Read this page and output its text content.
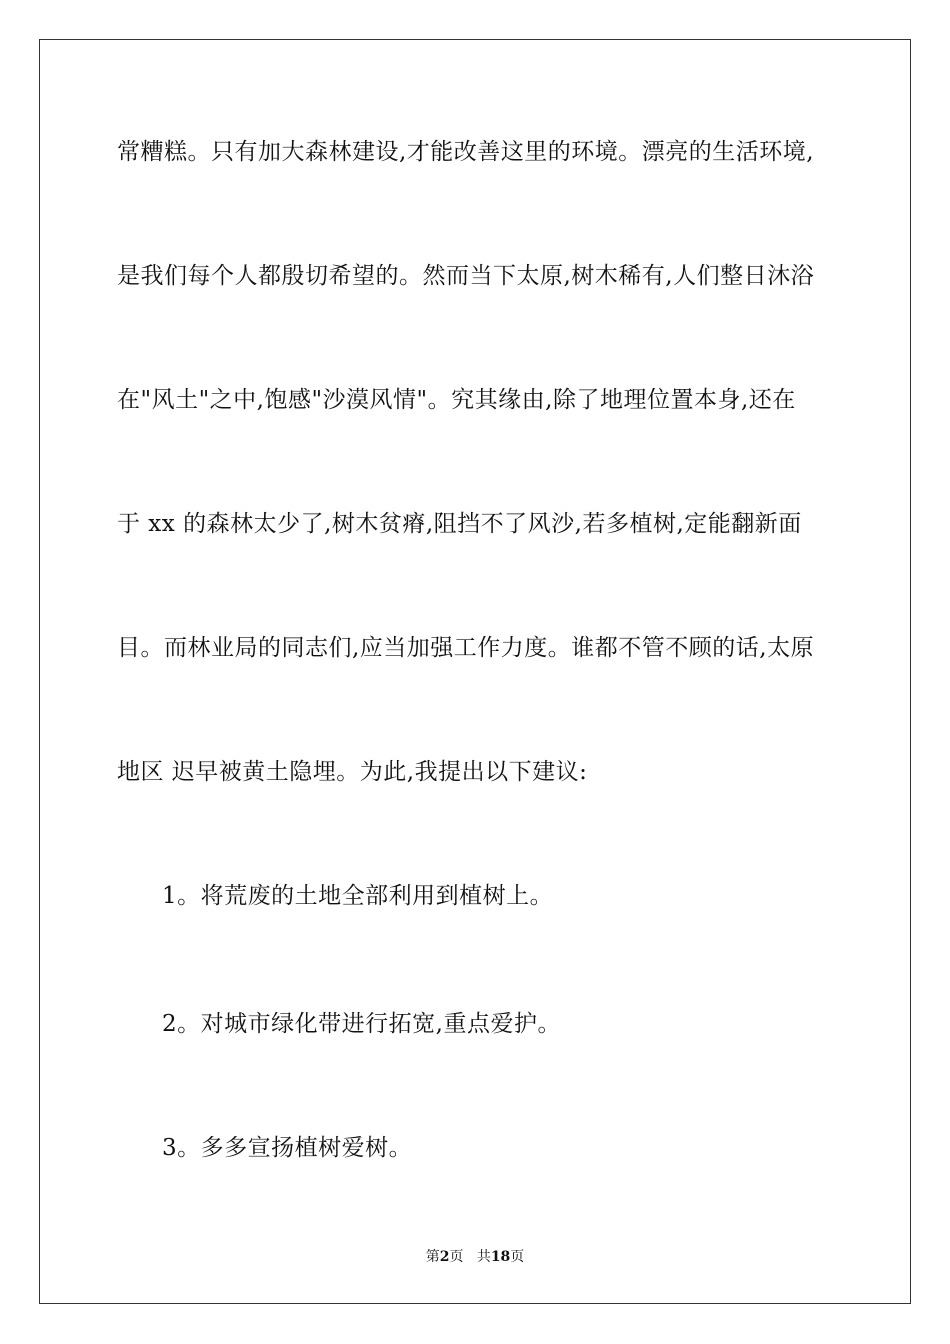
常糟糕。只有加大森林建设,才能改善这里的环境。漂亮的生活环境,
是我们每个人都殷切希望的。然而当下太原,树木稀有,人们整日沐浴
在"风土"之中,饱感"沙漠风情"。究其缘由,除了地理位置本身,还在
于 xx 的森林太少了,树木贫瘠,阻挡不了风沙,若多植树,定能翻新面
目。而林业局的同志们,应当加强工作力度。谁都不管不顾的话,太原
地区 迟早被黄土隐埋。为此,我提出以下建议:
1。将荒废的土地全部利用到植树上。
2。对城市绿化带进行拓宽,重点爱护。
3。多多宣扬植树爱树。
第2页 共18页
